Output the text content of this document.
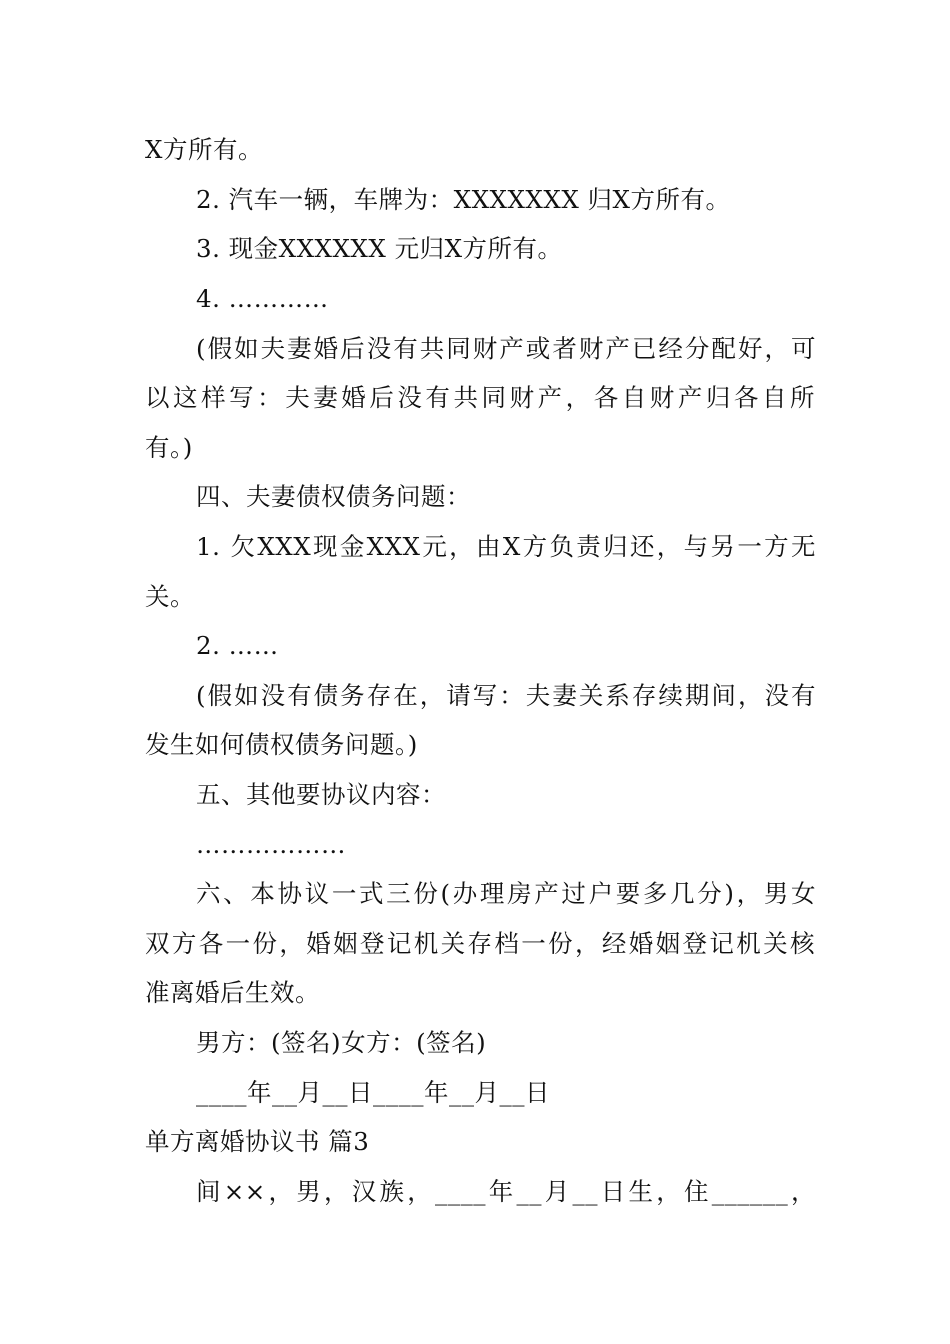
X方所有。
2. 汽车一辆，车牌为：XXXXXXX 归X方所有。
3. 现金XXXXXX 元归X方所有。
4. …………
(假如夫妻婚后没有共同财产或者财产已经分配好，可
以这样写：夫妻婚后没有共同财产，各自财产归各自所
有。)
四、夫妻债权债务问题：
1. 欠XXX现金XXX元，由X方负责归还，与另一方无
关。
2. ……
(假如没有债务存在，请写：夫妻关系存续期间，没有
发生如何债权债务问题。)
五、其他要协议内容：
………………
六、本协议一式三份(办理房产过户要多几分)，男女
双方各一份，婚姻登记机关存档一份，经婚姻登记机关核
准离婚后生效。
男方：(签名)女方：(签名)
____年__月__日____年__月__日
单方离婚协议书 篇3
间××，男，汉族，____年__月__日生，住______，
